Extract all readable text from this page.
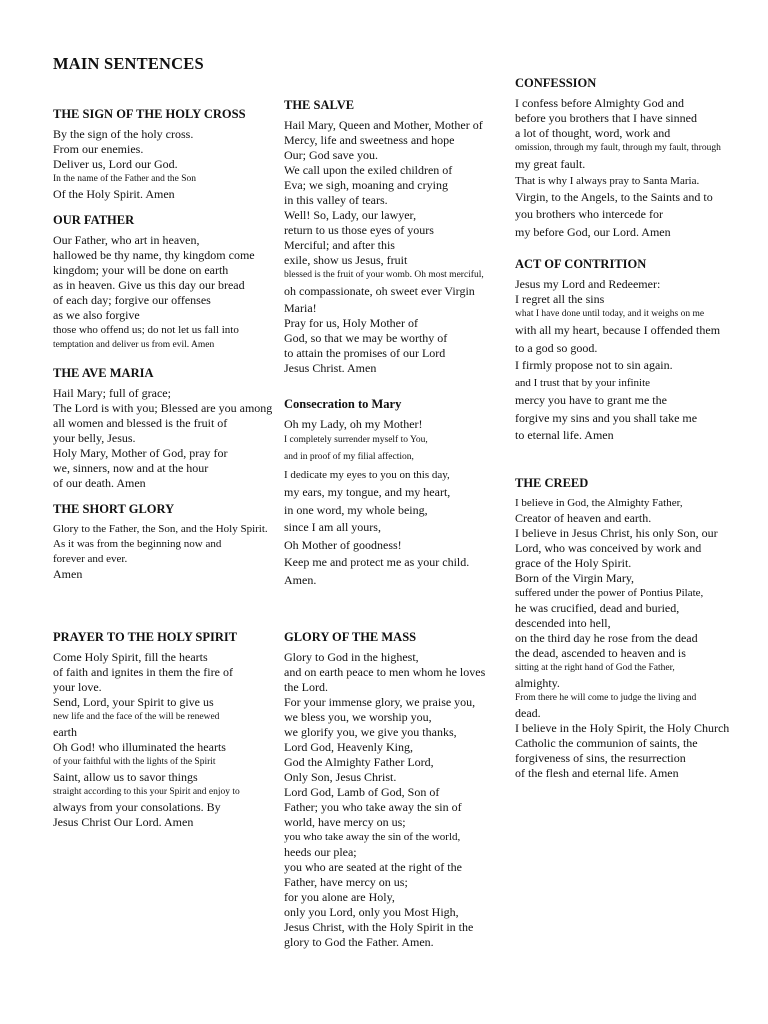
MAIN SENTENCES
THE SIGN OF THE HOLY CROSS
By the sign of the holy cross.
From our enemies.
Deliver us, Lord our God.
In the name of the Father and the Son
Of the Holy Spirit. Amen
OUR FATHER
Our Father, who art in heaven,
hallowed be thy name, thy kingdom come
kingdom; your will be done on earth
as in heaven. Give us this day our bread
of each day; forgive our offenses
as we also forgive
those who offend us; do not let us fall into
temptation and deliver us from evil. Amen
THE AVE MARIA
Hail Mary; full of grace;
The Lord is with you; Blessed are you among
all women and blessed is the fruit of
your belly, Jesus.
Holy Mary, Mother of God, pray for
we, sinners, now and at the hour
of our death. Amen
THE SHORT GLORY
Glory to the Father, the Son, and the Holy Spirit.
As it was from the beginning now and
forever and ever.
Amen
PRAYER TO THE HOLY SPIRIT
Come Holy Spirit, fill the hearts
of faith and ignites in them the fire of
your love.
Send, Lord, your Spirit to give us
new life and the face of the will be renewed
earth
Oh God! who illuminated the hearts
of your faithful with the lights of the Spirit
Saint, allow us to savor things
straight according to this your Spirit and enjoy to
always from your consolations. By
Jesus Christ Our Lord. Amen
THE SALVE
Hail Mary, Queen and Mother, Mother of
Mercy, life and sweetness and hope
Our; God save you.
We call upon the exiled children of
Eva; we sigh, moaning and crying
in this valley of tears.
Well! So, Lady, our lawyer,
return to us those eyes of yours
Merciful; and after this
exile, show us Jesus, fruit
blessed is the fruit of your womb. Oh most merciful,
oh compassionate, oh sweet ever Virgin
Maria!
Pray for us, Holy Mother of
God, so that we may be worthy of
to attain the promises of our Lord
Jesus Christ. Amen
Consecration to Mary
Oh my Lady, oh my Mother!
I completely surrender myself to You,
and in proof of my filial affection,
I dedicate my eyes to you on this day,
my ears, my tongue, and my heart,
in one word, my whole being,
since I am all yours,
Oh Mother of goodness!
Keep me and protect me as your child.
Amen.
GLORY OF THE MASS
Glory to God in the highest,
and on earth peace to men whom he loves
the Lord.
For your immense glory, we praise you,
we bless you, we worship you,
we glorify you, we give you thanks,
Lord God, Heavenly King,
God the Almighty Father Lord,
Only Son, Jesus Christ.
Lord God, Lamb of God, Son of
Father; you who take away the sin of
world, have mercy on us;
you who take away the sin of the world,
heeds our plea;
you who are seated at the right of the
Father, have mercy on us;
for you alone are Holy,
only you Lord, only you Most High,
Jesus Christ, with the Holy Spirit in the
glory to God the Father. Amen.
CONFESSION
I confess before Almighty God and
before you brothers that I have sinned
a lot of thought, word, work and
omission, through my fault, through my fault, through
my great fault.
That is why I always pray to Santa Maria.
Virgin, to the Angels, to the Saints and to
you brothers who intercede for
my before God, our Lord. Amen
ACT OF CONTRITION
Jesus my Lord and Redeemer:
I regret all the sins
what I have done until today, and it weighs on me
with all my heart, because I offended them
to a god so good.
I firmly propose not to sin again.
and I trust that by your infinite
mercy you have to grant me the
forgive my sins and you shall take me
to eternal life. Amen
THE CREED
I believe in God, the Almighty Father,
Creator of heaven and earth.
I believe in Jesus Christ, his only Son, our
Lord, who was conceived by work and
grace of the Holy Spirit.
Born of the Virgin Mary,
suffered under the power of Pontius Pilate,
he was crucified, dead and buried,
descended into hell,
on the third day he rose from the dead
the dead, ascended to heaven and is
sitting at the right hand of God the Father,
almighty.
From there he will come to judge the living and
dead.
I believe in the Holy Spirit, the Holy Church
Catholic the communion of saints, the
forgiveness of sins, the resurrection
of the flesh and eternal life. Amen
